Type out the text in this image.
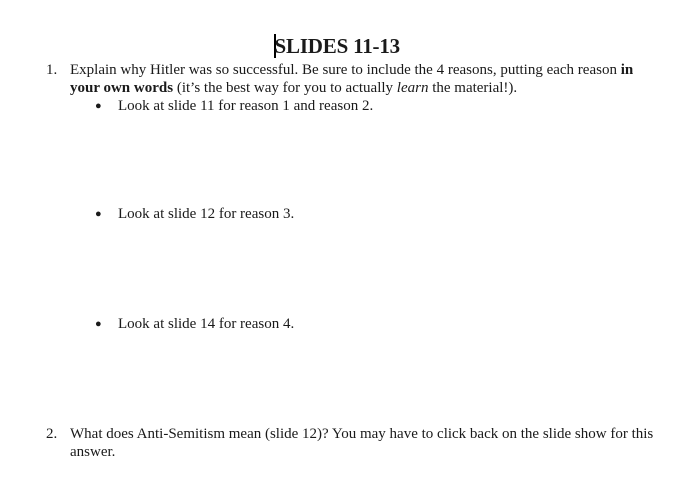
SLIDES 11-13
1. Explain why Hitler was so successful. Be sure to include the 4 reasons, putting each reason in your own words (it’s the best way for you to actually learn the material!).
● Look at slide 11 for reason 1 and reason 2.
● Look at slide 12 for reason 3.
● Look at slide 14 for reason 4.
2. What does Anti-Semitism mean (slide 12)? You may have to click back on the slide show for this answer.
